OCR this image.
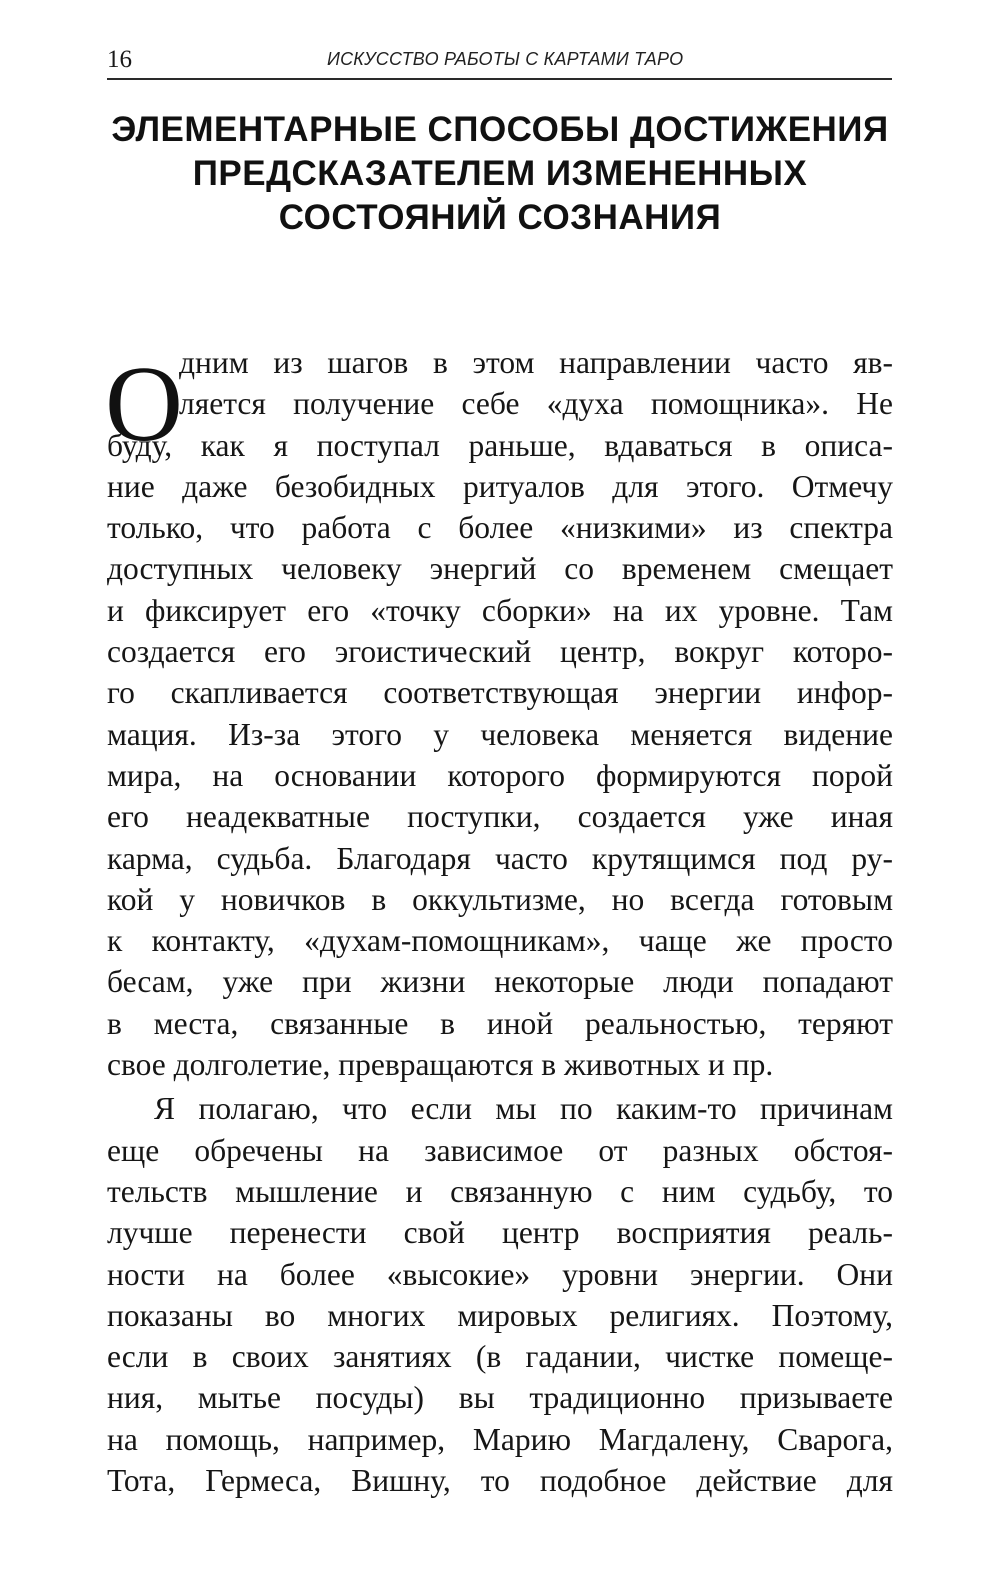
16	ИСКУССТВО РАБОТЫ С КАРТАМИ ТАРО
ЭЛЕМЕНТАРНЫЕ СПОСОБЫ ДОСТИЖЕНИЯ
ПРЕДСКАЗАТЕЛЕМ ИЗМЕНЕННЫХ
СОСТОЯНИЙ СОЗНАНИЯ
О
дним из шагов в этом направлении часто яв-
ляется получение себе «духа помощника». Не
буду, как я поступал раньше, вдаваться в описа-
ние даже безобидных ритуалов для этого. Отмечу
только, что работа с более «низкими» из спектра
доступных человеку энергий со временем смещает
и фиксирует его «точку сборки» на их уровне. Там
создается его эгоистический центр, вокруг которо-
го скапливается соответствующая энергии инфор-
мация. Из-за этого у человека меняется видение
мира, на основании которого формируются порой
его неадекватные поступки, создается уже иная
карма, судьба. Благодаря часто крутящимся под ру-
кой у новичков в оккультизме, но всегда готовым
к контакту, «духам-помощникам», чаще же просто
бесам, уже при жизни некоторые люди попадают
в места, связанные в иной реальностью, теряют
свое долголетие, превращаются в животных и пр.
Я полагаю, что если мы по каким-то причинам
еще обречены на зависимое от разных обстоя-
тельств мышление и связанную с ним судьбу, то
лучше перенести свой центр восприятия реаль-
ности на более «высокие» уровни энергии. Они
показаны во многих мировых религиях. Поэтому,
если в своих занятиях (в гадании, чистке помеще-
ния, мытье посуды) вы традиционно призываете
на помощь, например, Марию Магдалену, Сварога,
Тота, Гермеса, Вишну, то подобное действие для
